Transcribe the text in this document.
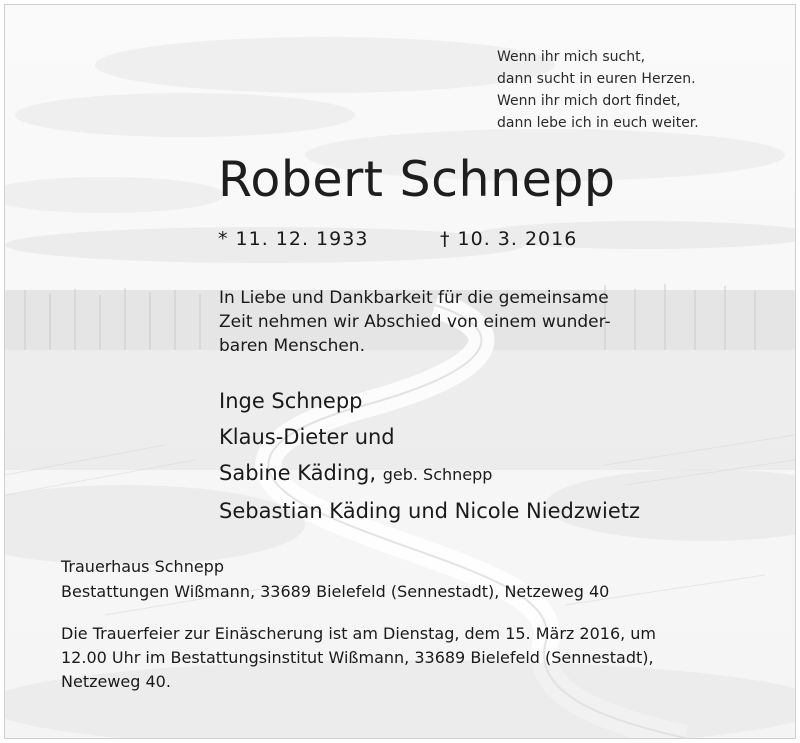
Wenn ihr mich sucht,
dann sucht in euren Herzen.
Wenn ihr mich dort findet,
dann lebe ich in euch weiter.
Robert Schnepp
* 11. 12. 1933	† 10. 3. 2016
In Liebe und Dankbarkeit für die gemeinsame
Zeit nehmen wir Abschied von einem wunder-
baren Menschen.
Inge Schnepp
Klaus-Dieter und
Sabine Käding, geb. Schnepp
Sebastian Käding und Nicole Niedzwietz
Trauerhaus Schnepp
Bestattungen Wißmann, 33689 Bielefeld (Sennestadt), Netzeweg 40
Die Trauerfeier zur Einäscherung ist am Dienstag, dem 15. März 2016, um
12.00 Uhr im Bestattungsinstitut Wißmann, 33689 Bielefeld (Sennestadt),
Netzeweg 40.
